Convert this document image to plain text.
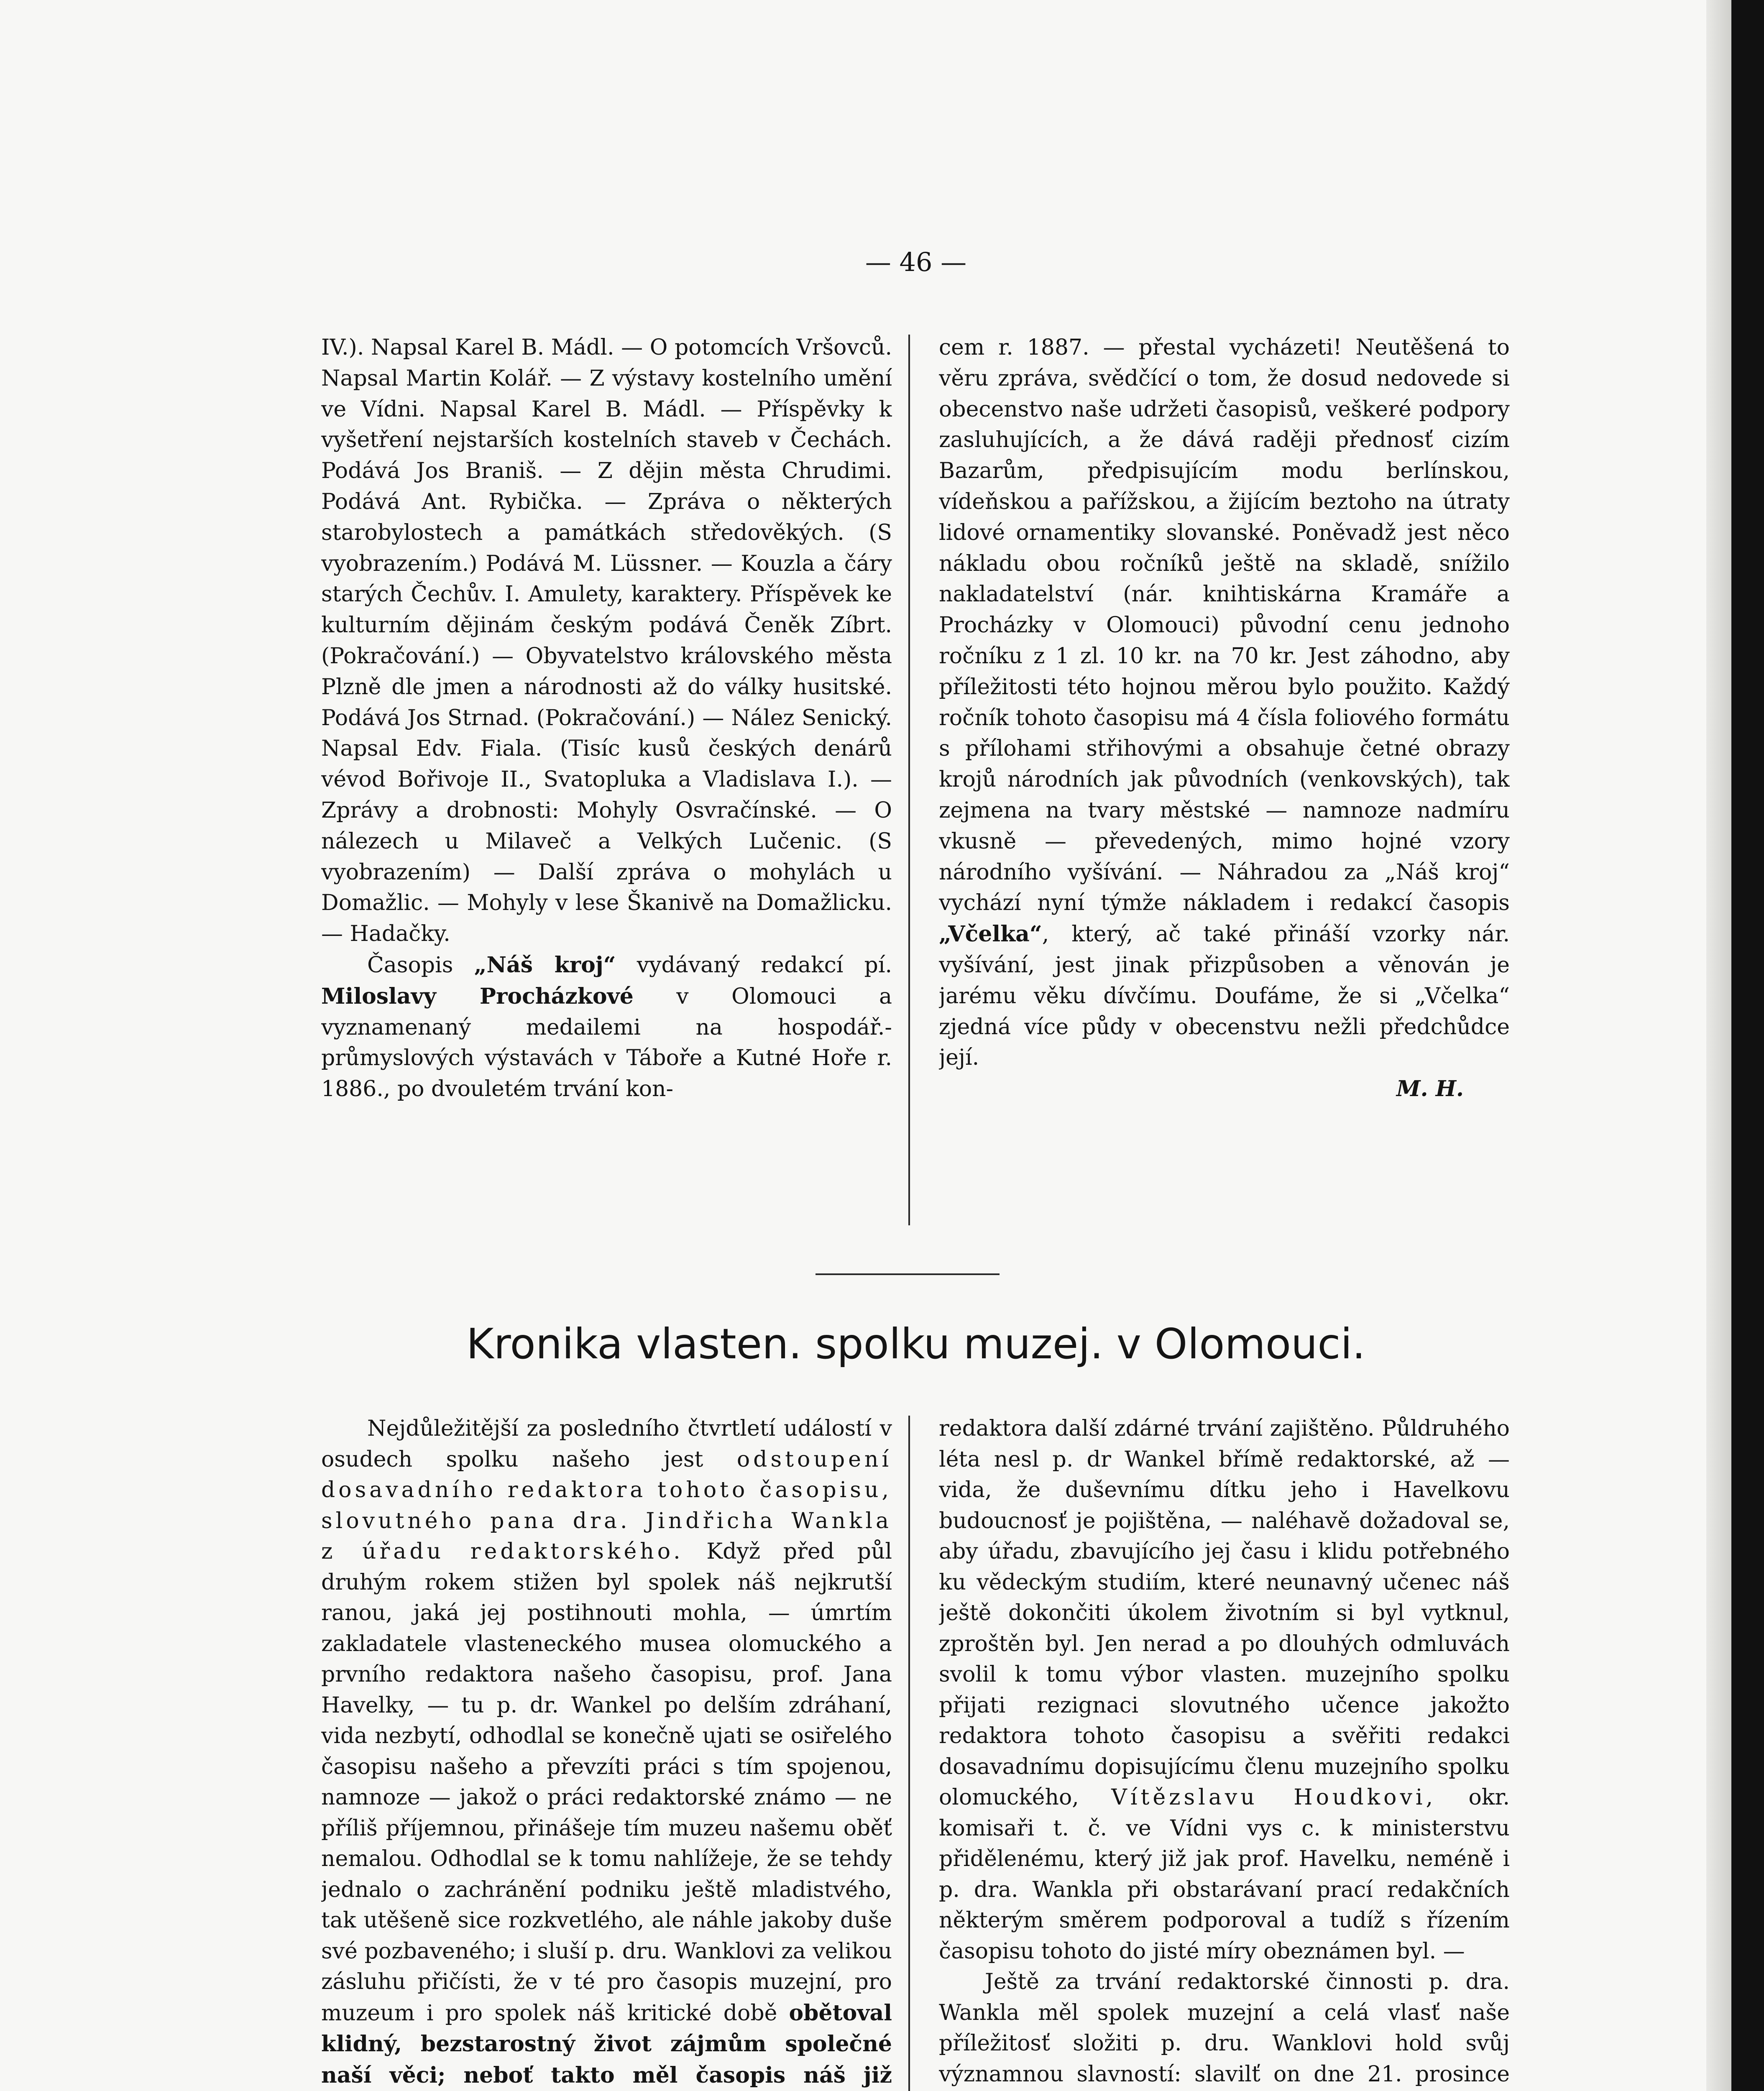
— 46 —

IV.). Napsal Karel B. Mádl. — O potomcích Vršovců. Napsal Martin Kolář. — Z výstavy kostelního umění ve Vídni. Napsal Karel B. Mádl. — Příspěvky k vyšetření nejstarších kostelních staveb v Čechách. Podává Jos Braniš. — Z dějin města Chrudimi. Podává Ant. Rybička. — Zpráva o některých starobylostech a památkách středověkých. (S vyobrazením.) Podává M. Lüssner. — Kouzla a čáry starých Čechův. I. Amulety, karaktery. Příspěvek ke kulturním dějinám českým podává Čeněk Zíbrt. (Pokračování.) — Obyvatelstvo královského města Plzně dle jmen a národnosti až do války husitské. Podává Jos Strnad. (Pokračování.) — Nález Senický. Napsal Edv. Fiala. (Tisíc kusů českých denárů vévod Bořivoje II., Svatopluka a Vladislava I.). — Zprávy a drobnosti: Mohyly Osvračínské. — O nálezech u Milaveč a Velkých Lučenic. (S vyobrazením) — Další zpráva o mohylách u Domažlic. — Mohyly v lese Škanivě na Domažlicku. — Hadačky.

Časopis „Náš kroj“ vydávaný redakcí pí. Miloslavy Procházkové v Olomouci a vyznamenaný medailemi na hospodář.-průmyslových výstavách v Táboře a Kutné Hoře r. 1886., po dvouletém trvání kon-

cem r. 1887. — přestal vycházeti! Neutěšená to věru zpráva, svědčící o tom, že dosud nedovede si obecenstvo naše udržeti časopisů, veškeré podpory zasluhujících, a že dává raději přednosť cizím Bazarům, předpisujícím modu berlínskou, vídeňskou a pařížskou, a žijícím beztoho na útraty lidové ornamentiky slovanské. Poněvadž jest něco nákladu obou ročníků ještě na skladě, snížilo nakladatelství (nár. knihtiskárna Kramáře a Procházky v Olomouci) původní cenu jednoho ročníku z 1 zl. 10 kr. na 70 kr. Jest záhodno, aby příležitosti této hojnou měrou bylo použito. Každý ročník tohoto časopisu má 4 čísla foliového formátu s přílohami střihovými a obsahuje četné obrazy krojů národních jak původních (venkovských), tak zejmena na tvary městské — namnoze nadmíru vkusně — převedených, mimo hojné vzory národního vyšívání. — Náhradou za „Náš kroj“ vychází nyní týmže nákladem i redakcí časopis „Včelka“, který, ač také přináší vzorky nár. vyšívání, jest jinak přizpůsoben a věnován je jarému věku dívčímu. Doufáme, že si „Včelka“ zjedná více půdy v obecenstvu nežli předchůdce její.

M. H.

Kronika vlasten. spolku muzej. v Olomouci.

Nejdůležitější za posledního čtvrtletí událostí v osudech spolku našeho jest odstoupení dosavadního redaktora tohoto časopisu, slovutného pana dra. Jindřicha Wankla z úřadu redaktorského. Když před půl druhým rokem stižen byl spolek náš nejkrutší ranou, jaká jej postihnouti mohla, — úmrtím zakladatele vlasteneckého musea olomuckého a prvního redaktora našeho časopisu, prof. Jana Havelky, — tu p. dr. Wankel po delším zdráhaní, vida nezbytí, odhodlal se konečně ujati se osiřelého časopisu našeho a převzíti práci s tím spojenou, namnoze — jakož o práci redaktorské známo — ne příliš příjemnou, přinášeje tím muzeu našemu oběť nemalou. Odhodlal se k tomu nahlížeje, že se tehdy jednalo o zachránění podniku ještě mladistvého, tak utěšeně sice rozkvetlého, ale náhle jakoby duše své pozbaveného; i sluší p. dru. Wanklovi za velikou zásluhu přičísti, že v té pro časopis muzejní, pro muzeum i pro spolek náš kritické době obětoval klidný, bezstarostný život zájmům společné naší věci; neboť takto měl časopis náš již

redaktora další zdárné trvání zajištěno. Půldruhého léta nesl p. dr Wankel břímě redaktorské, až — vida, že duševnímu dítku jeho i Havelkovu budoucnosť je pojištěna, — naléhavě dožadoval se, aby úřadu, zbavujícího jej času i klidu potřebného ku vědeckým studiím, které neunavný učenec náš ještě dokončiti úkolem životním si byl vytknul, zproštěn byl. Jen nerad a po dlouhých odmluvách svolil k tomu výbor vlasten. muzejního spolku přijati rezignaci slovutného učence jakožto redaktora tohoto časopisu a svěřiti redakci dosavadnímu dopisujícímu členu muzejního spolku olomuckého, Vítězslavu Houdkovi, okr. komisaři t. č. ve Vídni vys c. k ministerstvu přidělenému, který již jak prof. Havelku, neméně i p. dra. Wankla při obstarávaní prací redakčních některým směrem podporoval a tudíž s řízením časopisu tohoto do jisté míry obeznámen byl. —

Ještě za trvání redaktorské činnosti p. dra. Wankla měl spolek muzejní a celá vlasť naše příležitosť složiti p. dru. Wanklovi hold svůj významnou slavností: slavilť on dne 21. prosince
